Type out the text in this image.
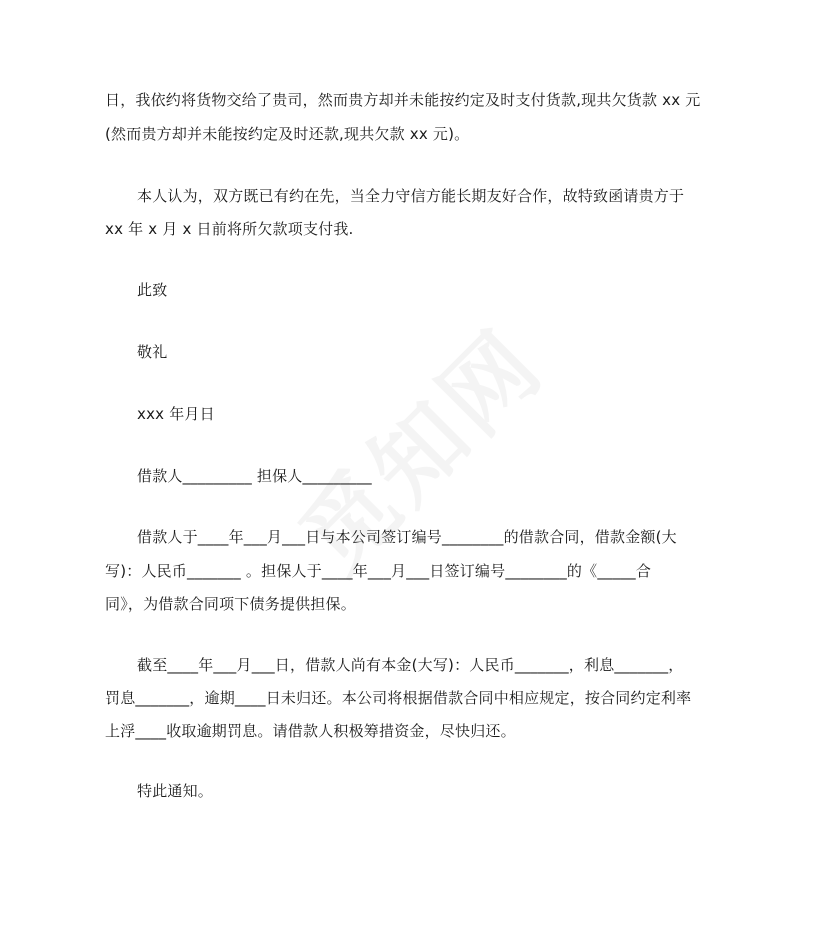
日，我依约将货物交给了贵司，然而贵方却并未能按约定及时支付货款,现共欠货款 xx 元
(然而贵方却并未能按约定及时还款,现共欠款 xx 元)。
本人认为，双方既已有约在先，当全力守信方能长期友好合作，故特致函请贵方于
xx 年 x 月 x 日前将所欠款项支付我.
此致
敬礼
xxx 年月日
借款人_________ 担保人_________
借款人于____年___月___日与本公司签订编号________的借款合同，借款金额(大
写)：人民币_______ 。担保人于____年___月___日签订编号________的《_____合
同》，为借款合同项下债务提供担保。
截至____年___月___日，借款人尚有本金(大写)：人民币_______，利息_______，
罚息_______，逾期____日未归还。本公司将根据借款合同中相应规定，按合同约定利率
上浮____收取逾期罚息。请借款人积极筹措资金，尽快归还。
特此通知。
